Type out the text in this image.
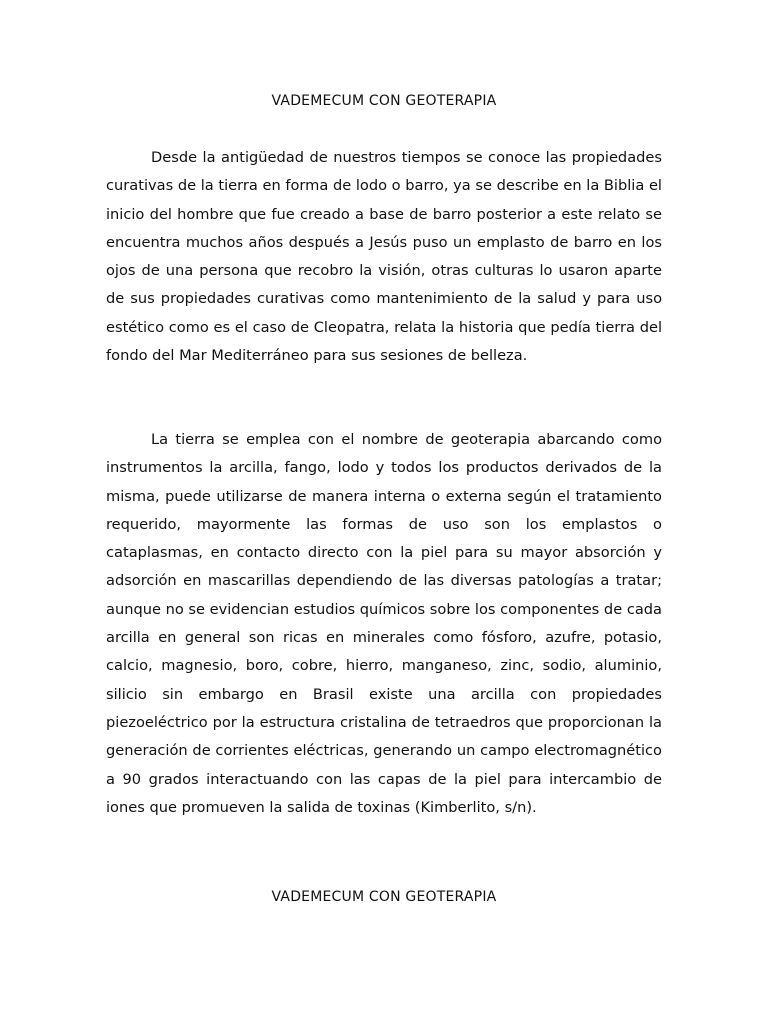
VADEMECUM CON GEOTERAPIA

Desde la antigüedad de nuestros tiempos se conoce las propiedades curativas de la tierra en forma de lodo o barro, ya se describe en la Biblia el inicio del hombre que fue creado a base de barro posterior a este relato se encuentra muchos años después a Jesús puso un emplasto de barro en los ojos de una persona que recobro la visión, otras culturas lo usaron aparte de sus propiedades curativas como mantenimiento de la salud y para uso estético como es el caso de Cleopatra, relata la historia que pedía tierra del fondo del Mar Mediterráneo para sus sesiones de belleza.

La tierra se emplea con el nombre de geoterapia abarcando como instrumentos la arcilla, fango, lodo y todos los productos derivados de la misma, puede utilizarse de manera interna o externa según el tratamiento requerido, mayormente las formas de uso son los emplastos o cataplasmas, en contacto directo con la piel para su mayor absorción y adsorción en mascarillas dependiendo de las diversas patologías a tratar; aunque no se evidencian estudios químicos sobre los componentes de cada arcilla en general son ricas en minerales como fósforo, azufre, potasio, calcio, magnesio, boro, cobre, hierro, manganeso, zinc, sodio, aluminio, silicio sin embargo en Brasil existe una arcilla con propiedades piezoeléctrico por la estructura cristalina de tetraedros que proporcionan la generación de corrientes eléctricas, generando un campo electromagnético a 90 grados interactuando con las capas de la piel para intercambio de iones que promueven la salida de toxinas (Kimberlito, s/n).

VADEMECUM CON GEOTERAPIA
